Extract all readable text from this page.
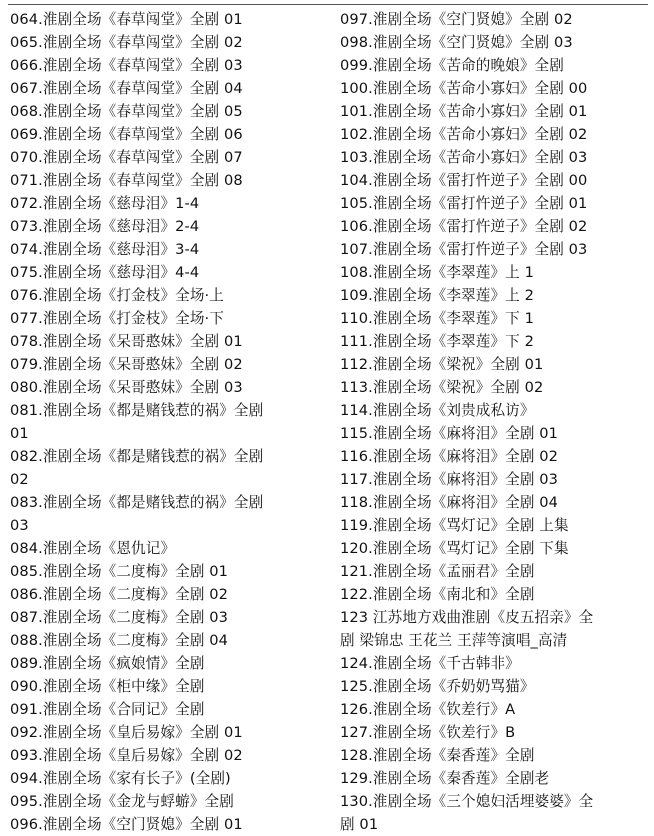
064.淮剧全场《春草闯堂》全剧 01
065.淮剧全场《春草闯堂》全剧 02
066.淮剧全场《春草闯堂》全剧 03
067.淮剧全场《春草闯堂》全剧 04
068.淮剧全场《春草闯堂》全剧 05
069.淮剧全场《春草闯堂》全剧 06
070.淮剧全场《春草闯堂》全剧 07
071.淮剧全场《春草闯堂》全剧 08
072.淮剧全场《慈母泪》1-4
073.淮剧全场《慈母泪》2-4
074.淮剧全场《慈母泪》3-4
075.淮剧全场《慈母泪》4-4
076.淮剧全场《打金枝》全场·上
077.淮剧全场《打金枝》全场·下
078.淮剧全场《呆哥憨妹》全剧 01
079.淮剧全场《呆哥憨妹》全剧 02
080.淮剧全场《呆哥憨妹》全剧 03
081.淮剧全场《都是赌钱惹的祸》全剧
01
082.淮剧全场《都是赌钱惹的祸》全剧
02
083.淮剧全场《都是赌钱惹的祸》全剧
03
084.淮剧全场《恩仇记》
085.淮剧全场《二度梅》全剧 01
086.淮剧全场《二度梅》全剧 02
087.淮剧全场《二度梅》全剧 03
088.淮剧全场《二度梅》全剧 04
089.淮剧全场《疯娘情》全剧
090.淮剧全场《柜中缘》全剧
091.淮剧全场《合同记》全剧
092.淮剧全场《皇后易嫁》全剧 01
093.淮剧全场《皇后易嫁》全剧 02
094.淮剧全场《家有长子》(全剧)
095.淮剧全场《金龙与蜉蝣》全剧
096.淮剧全场《空门贤媳》全剧 01
097.淮剧全场《空门贤媳》全剧 02
098.淮剧全场《空门贤媳》全剧 03
099.淮剧全场《苦命的晚娘》全剧
100.淮剧全场《苦命小寡妇》全剧 00
101.淮剧全场《苦命小寡妇》全剧 01
102.淮剧全场《苦命小寡妇》全剧 02
103.淮剧全场《苦命小寡妇》全剧 03
104.淮剧全场《雷打忤逆子》全剧 00
105.淮剧全场《雷打忤逆子》全剧 01
106.淮剧全场《雷打忤逆子》全剧 02
107.淮剧全场《雷打忤逆子》全剧 03
108.淮剧全场《李翠莲》上 1
109.淮剧全场《李翠莲》上 2
110.淮剧全场《李翠莲》下 1
111.淮剧全场《李翠莲》下 2
112.淮剧全场《梁祝》全剧 01
113.淮剧全场《梁祝》全剧 02
114.淮剧全场《刘贵成私访》
115.淮剧全场《麻将泪》全剧 01
116.淮剧全场《麻将泪》全剧 02
117.淮剧全场《麻将泪》全剧 03
118.淮剧全场《麻将泪》全剧 04
119.淮剧全场《骂灯记》全剧 上集
120.淮剧全场《骂灯记》全剧 下集
121.淮剧全场《孟丽君》全剧
122.淮剧全场《南北和》全剧
123 江苏地方戏曲淮剧《皮五招亲》全
剧 梁锦忠 王花兰 王萍等演唱_高清
124.淮剧全场《千古韩非》
125.淮剧全场《乔奶奶骂猫》
126.淮剧全场《钦差行》A
127.淮剧全场《钦差行》B
128.淮剧全场《秦香莲》全剧
129.淮剧全场《秦香莲》全剧老
130.淮剧全场《三个媳妇活埋婆婆》全
剧 01
